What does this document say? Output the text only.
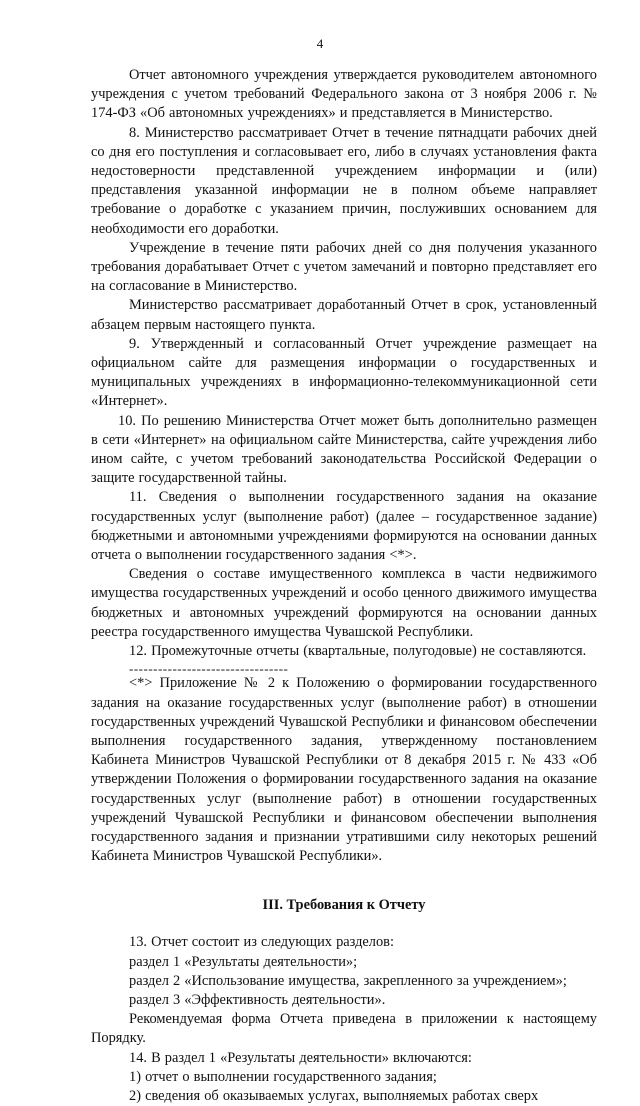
4

Отчет автономного учреждения утверждается руководителем автономного учреждения с учетом требований Федерального закона от 3 ноября 2006 г. № 174-ФЗ «Об автономных учреждениях» и представляется в Министерство.

8. Министерство рассматривает Отчет в течение пятнадцати рабочих дней со дня его поступления и согласовывает его, либо в случаях установления факта недостоверности представленной учреждением информации и (или) представления указанной информации не в полном объеме направляет требование о доработке с указанием причин, послуживших основанием для необходимости его доработки.

Учреждение в течение пяти рабочих дней со дня получения указанного требования дорабатывает Отчет с учетом замечаний и повторно представляет его на согласование в Министерство.

Министерство рассматривает доработанный Отчет в срок, установленный абзацем первым настоящего пункта.

9. Утвержденный и согласованный Отчет учреждение размещает на официальном сайте для размещения информации о государственных и муниципальных учреждениях в информационно-телекоммуникационной сети «Интернет».

10. По решению Министерства Отчет может быть дополнительно размещен в сети «Интернет» на официальном сайте Министерства, сайте учреждения либо ином сайте, с учетом требований законодательства Российской Федерации о защите государственной тайны.

11. Сведения о выполнении государственного задания на оказание государственных услуг (выполнение работ) (далее – государственное задание) бюджетными и автономными учреждениями формируются на основании данных отчета о выполнении государственного задания <*>.

Сведения о составе имущественного комплекса в части недвижимого имущества государственных учреждений и особо ценного движимого имущества бюджетных и автономных учреждений формируются на основании данных реестра государственного имущества Чувашской Республики.

12. Промежуточные отчеты (квартальные, полугодовые) не составляются.

---------------------------------

<*> Приложение № 2 к Положению о формировании государственного задания на оказание государственных услуг (выполнение работ) в отношении государственных учреждений Чувашской Республики и финансовом обеспечении выполнения государственного задания, утвержденному постановлением Кабинета Министров Чувашской Республики от 8 декабря 2015 г. № 433 «Об утверждении Положения о формировании государственного задания на оказание государственных услуг (выполнение работ) в отношении государственных учреждений Чувашской Республики и финансовом обеспечении выполнения государственного задания и признании утратившими силу некоторых решений Кабинета Министров Чувашской Республики».

III. Требования к Отчету

13. Отчет состоит из следующих разделов:

раздел 1 «Результаты деятельности»;

раздел 2 «Использование имущества, закрепленного за учреждением»;

раздел 3 «Эффективность деятельности».

Рекомендуемая форма Отчета приведена в приложении к настоящему Порядку.

14. В раздел 1 «Результаты деятельности» включаются:

1) отчет о выполнении государственного задания;

2) сведения об оказываемых услугах, выполняемых работах сверх
